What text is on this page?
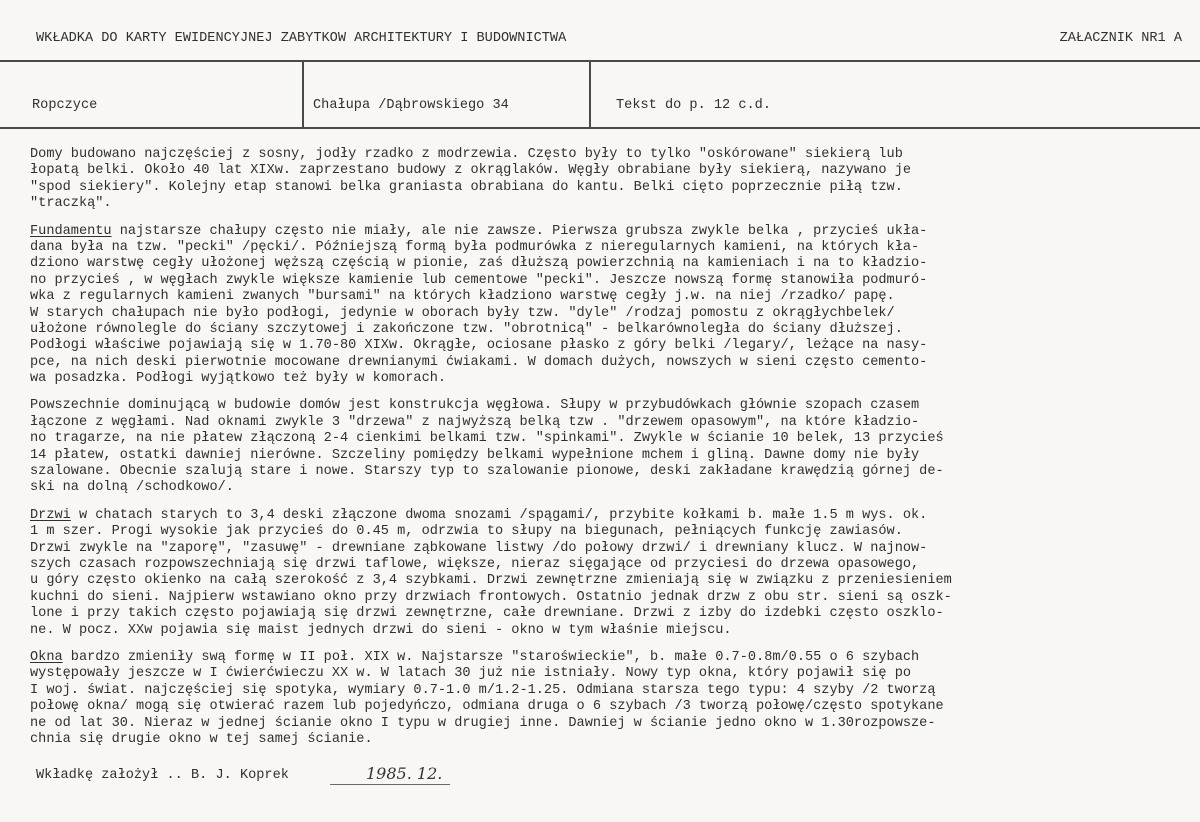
WKŁADKA DO KARTY EWIDENCYJNEJ ZABYTKOW ARCHITEKTURY I BUDOWNICTWA	ZAŁACZNIK NR1 A
Ropczyce	Chałupa /Dąbrowskiego 34	Tekst do p. 12 c.d.
Domy budowano najczęściej z sosny, jodły rzadko z modrzewia. Często były to tylko "oskórowane" siekierą lub
łopatą belki. Około 40 lat XIXw. zaprzestano budowy z okrąglaków. Węgły obrabiane były siekierą, nazywano je
"spod siekiery". Kolejny etap stanowi belka graniasta obrabiana do kantu. Belki cięto poprzecznie piłą tzw.
"traczką".
Fundamentu najstarsze chałupy często nie miały, ale nie zawsze. Pierwsza grubsza zwykle belka , przycieś ukła-
dana była na tzw. "pecki" /pęcki/. Późniejszą formą była podmurówka z nieregularnych kamieni, na których kła-
dziono warstwę cegły ułożonej węższą częścią w pionie, zaś dłuższą powierzchnią na kamieniach i na to kładzio-
no przycieś , w węgłach zwykle większe kamienie lub cementowe "pecki". Jeszcze nowszą formę stanowiła podmuró-
wka z regularnych kamieni zwanych "bursami" na których kładziono warstwę cegły j.w. na niej /rzadko/ papę.
W starych chałupach nie było podłogi, jedynie w oborach były tzw. "dyle" /rodzaj pomostu z okrągłychbelek/
ułożone równolegle do ściany szczytowej i zakończone tzw. "obrotnicą" - belkarównoległa do ściany dłuższej.
Podłogi właściwe pojawiają się w 1.70-80 XIXw. Okrągłe, ociosane płasko z góry belki /legary/, leżące na nasy-
pce, na nich deski pierwotnie mocowane drewnianymi ćwiakami. W domach dużych, nowszych w sieni często cemento-
wa posadzka. Podłogi wyjątkowo też były w komorach.
Powszechnie dominującą w budowie domów jest konstrukcja węgłowa. Słupy w przybudówkach głównie szopach czasem
łączone z węgłami. Nad oknami zwykle 3 "drzewa" z najwyższą belką tzw . "drzewem opasowym", na które kładzio-
no tragarze, na nie płatew złączoną 2-4 cienkimi belkami tzw. "spinkami". Zwykle w ścianie 10 belek, 13 przycieś
14 płatew, ostatki dawniej nierówne. Szczeliny pomiędzy belkami wypełnione mchem i gliną. Dawne domy nie były
szalowane. Obecnie szalują stare i nowe. Starszy typ to szalowanie pionowe, deski zakładane krawędzią górnej de-
ski na dolną /schodkowo/.
Drzwi w chatach starych to 3,4 deski złączone dwoma snozami /spągami/, przybite kołkami b. małe 1.5 m wys. ok.
1 m szer. Progi wysokie jak przycieś do 0.45 m, odrzwia to słupy na biegunach, pełniących funkcję zawiasów.
Drzwi zwykle na "zaporę", "zasuwę" - drewniane ząbkowane listwy /do połowy drzwi/ i drewniany klucz. W najnow-
szych czasach rozpowszechniają się drzwi taflowe, większe, nieraz sięgające od przyciesi do drzewa opasowego,
u góry często okienko na całą szerokość z 3,4 szybkami. Drzwi zewnętrzne zmieniają się w związku z przeniesieniem
kuchni do sieni. Najpierw wstawiano okno przy drzwiach frontowych. Ostatnio jednak drzw z obu str. sieni są oszk-
lone i przy takich często pojawiają się drzwi zewnętrzne, całe drewniane. Drzwi z izby do izdebki często oszklo-
ne. W pocz. XXw pojawia się maist jednych drzwi do sieni - okno w tym właśnie miejscu.
Okna bardzo zmieniły swą formę w II poł. XIX w. Najstarsze "staroświeckie", b. małe 0.7-0.8m/0.55 o 6 szybach
występowały jeszcze w I ćwierćwieczu XX w. W latach 30 już nie istniały. Nowy typ okna, który pojawił się po
I woj. świat. najczęściej się spotyka, wymiary 0.7-1.0 m/1.2-1.25. Odmiana starsza tego typu: 4 szyby /2 tworzą
połowę okna/ mogą się otwierać razem lub pojedyńczo, odmiana druga o 6 szybach /3 tworzą połowę/często spotykane
ne od lat 30. Nieraz w jednej ścianie okno I typu w drugiej inne. Dawniej w ścianie jedno okno w 1.30rozpowsze-
chnia się drugie okno w tej samej ścianie.
Wkładkę założył .. B. J. Koprek	1985. 12.
